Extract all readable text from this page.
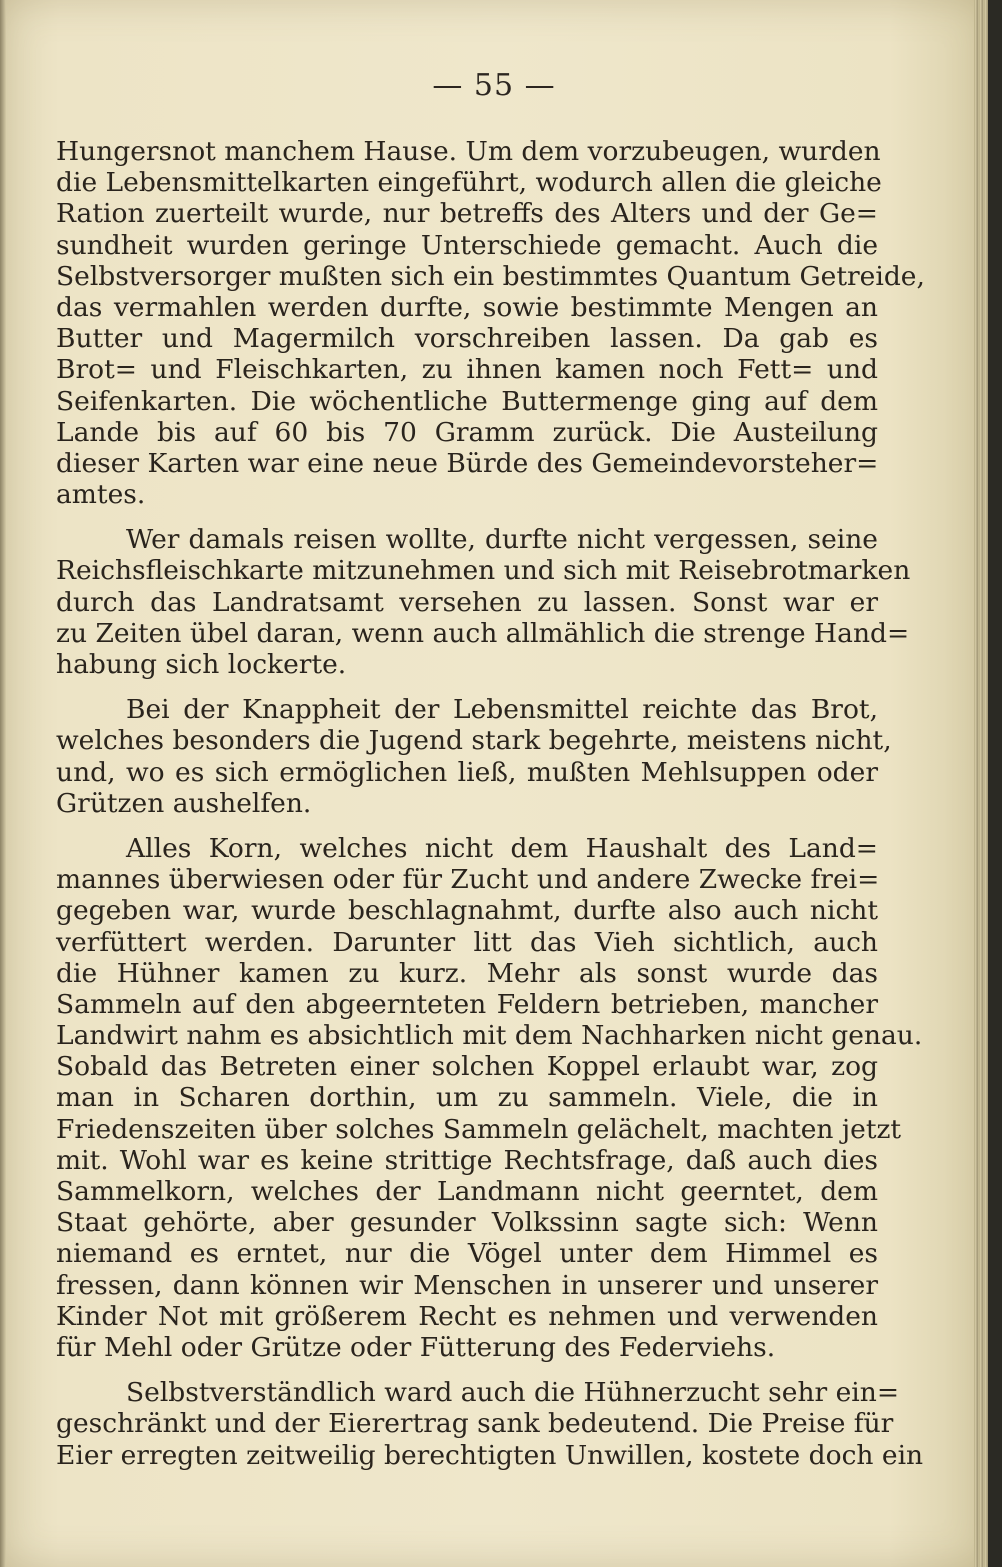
— 55 —
Hungersnot manchem Hause. Um dem vorzubeugen, wurden
die Lebensmittelkarten eingeführt, wodurch allen die gleiche
Ration zuerteilt wurde, nur betreffs des Alters und der Ge=
sundheit wurden geringe Unterschiede gemacht. Auch die
Selbstversorger mußten sich ein bestimmtes Quantum Getreide,
das vermahlen werden durfte, sowie bestimmte Mengen an
Butter und Magermilch vorschreiben lassen. Da gab es
Brot= und Fleischkarten, zu ihnen kamen noch Fett= und
Seifenkarten. Die wöchentliche Buttermenge ging auf dem
Lande bis auf 60 bis 70 Gramm zurück. Die Austeilung
dieser Karten war eine neue Bürde des Gemeindevorsteher=
amtes.
Wer damals reisen wollte, durfte nicht vergessen, seine
Reichsfleischkarte mitzunehmen und sich mit Reisebrotmarken
durch das Landratsamt versehen zu lassen. Sonst war er
zu Zeiten übel daran, wenn auch allmählich die strenge Hand=
habung sich lockerte.
Bei der Knappheit der Lebensmittel reichte das Brot,
welches besonders die Jugend stark begehrte, meistens nicht,
und, wo es sich ermöglichen ließ, mußten Mehlsuppen oder
Grützen aushelfen.
Alles Korn, welches nicht dem Haushalt des Land=
mannes überwiesen oder für Zucht und andere Zwecke frei=
gegeben war, wurde beschlagnahmt, durfte also auch nicht
verfüttert werden. Darunter litt das Vieh sichtlich, auch
die Hühner kamen zu kurz. Mehr als sonst wurde das
Sammeln auf den abgeernteten Feldern betrieben, mancher
Landwirt nahm es absichtlich mit dem Nachharken nicht genau.
Sobald das Betreten einer solchen Koppel erlaubt war, zog
man in Scharen dorthin, um zu sammeln. Viele, die in
Friedenszeiten über solches Sammeln gelächelt, machten jetzt
mit. Wohl war es keine strittige Rechtsfrage, daß auch dies
Sammelkorn, welches der Landmann nicht geerntet, dem
Staat gehörte, aber gesunder Volkssinn sagte sich: Wenn
niemand es erntet, nur die Vögel unter dem Himmel es
fressen, dann können wir Menschen in unserer und unserer
Kinder Not mit größerem Recht es nehmen und verwenden
für Mehl oder Grütze oder Fütterung des Federviehs.
Selbstverständlich ward auch die Hühnerzucht sehr ein=
geschränkt und der Eierertrag sank bedeutend. Die Preise für
Eier erregten zeitweilig berechtigten Unwillen, kostete doch ein
